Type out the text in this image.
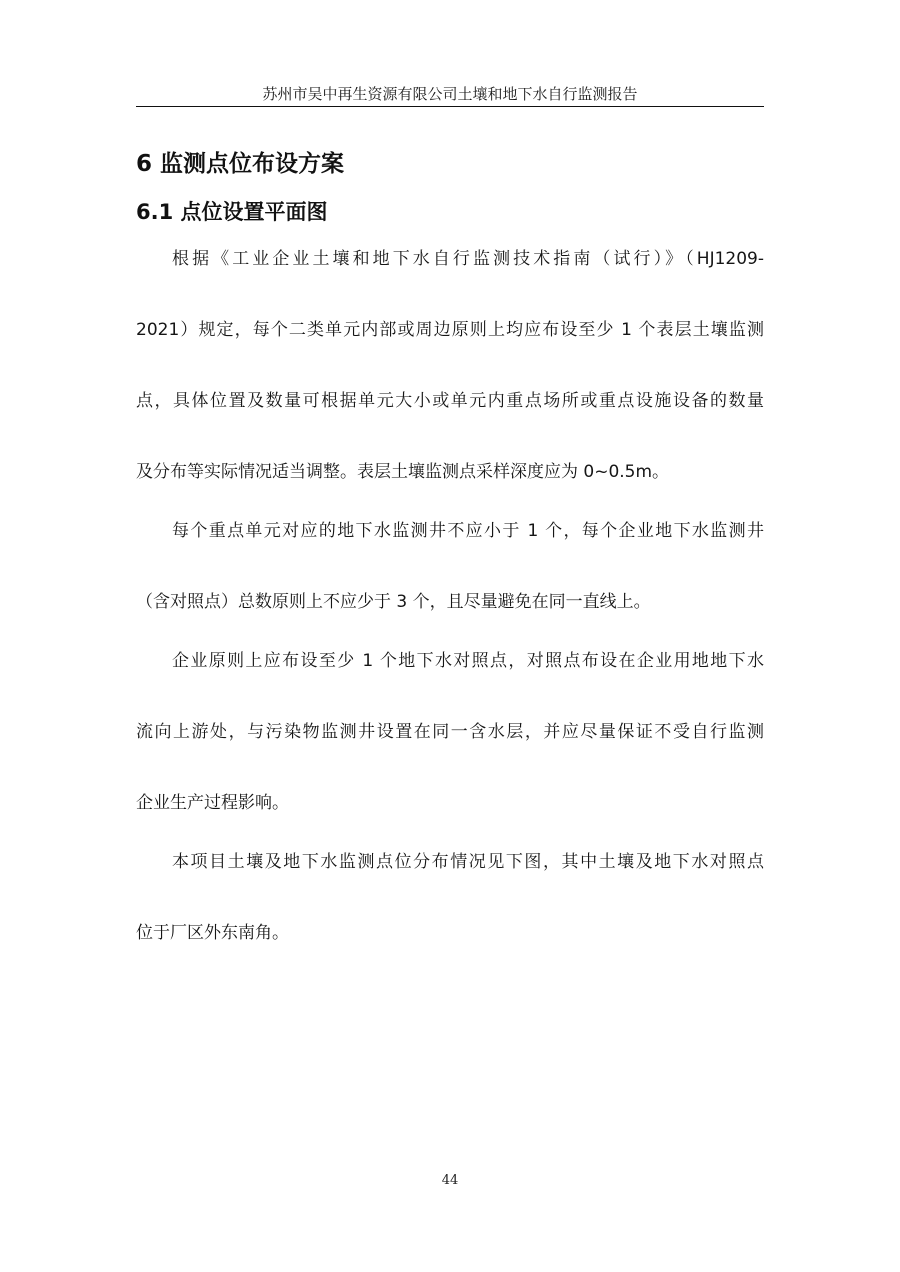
苏州市吴中再生资源有限公司土壤和地下水自行监测报告
6 监测点位布设方案
6.1 点位设置平面图
根据《工业企业土壤和地下水自行监测技术指南（试行）》（HJ1209-
2021）规定，每个二类单元内部或周边原则上均应布设至少 1 个表层土壤监测
点，具体位置及数量可根据单元大小或单元内重点场所或重点设施设备的数量
及分布等实际情况适当调整。表层土壤监测点采样深度应为 0~0.5m。
每个重点单元对应的地下水监测井不应小于 1 个，每个企业地下水监测井
（含对照点）总数原则上不应少于 3 个，且尽量避免在同一直线上。
企业原则上应布设至少 1 个地下水对照点，对照点布设在企业用地地下水
流向上游处，与污染物监测井设置在同一含水层，并应尽量保证不受自行监测
企业生产过程影响。
本项目土壤及地下水监测点位分布情况见下图，其中土壤及地下水对照点
位于厂区外东南角。
44
